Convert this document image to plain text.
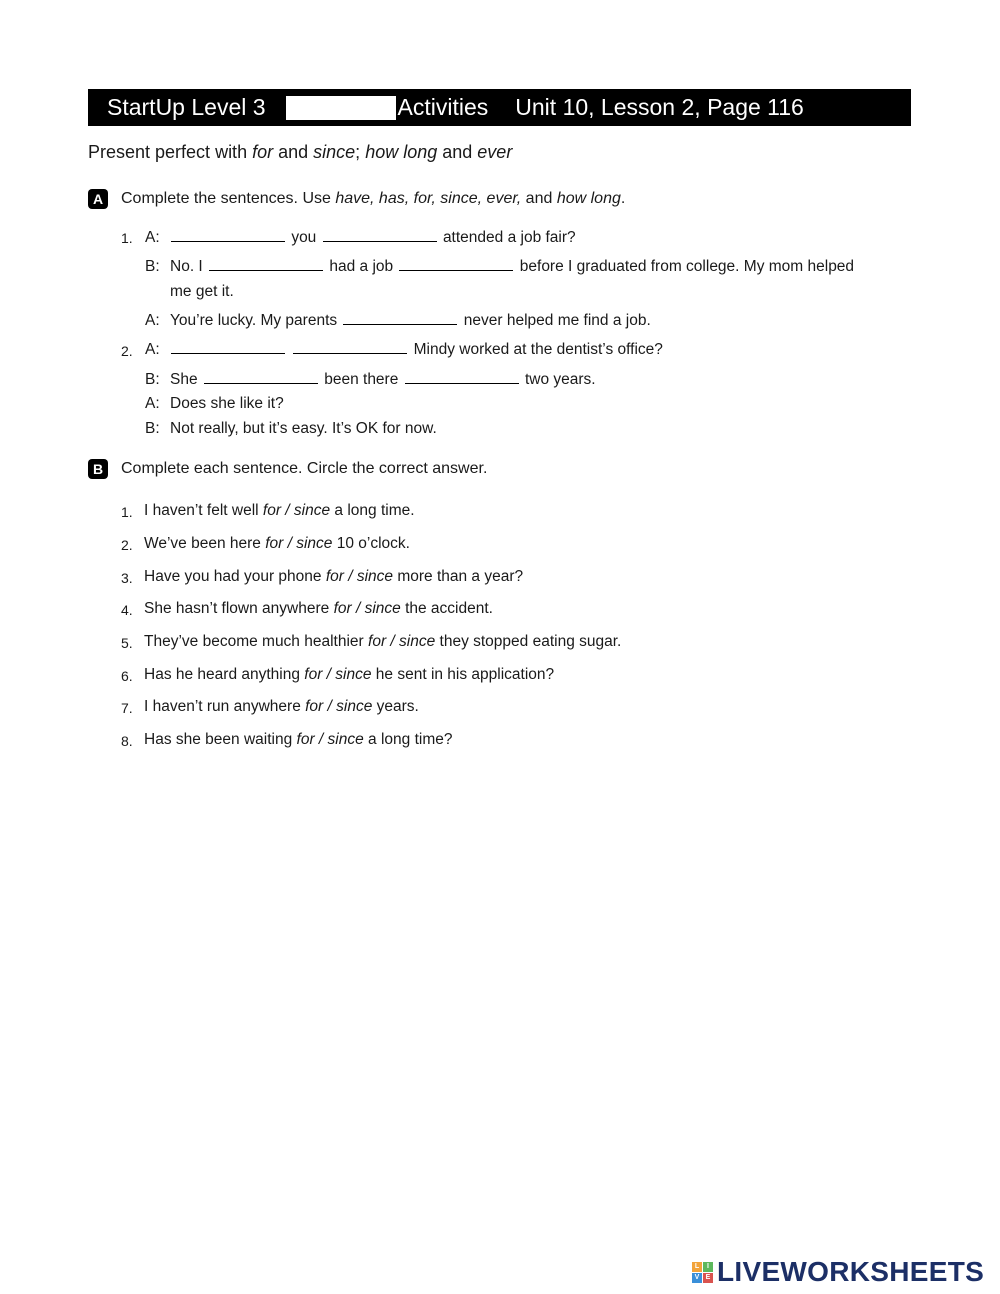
StartUp Level 3	Activities Unit 10, Lesson 2, Page 116
Present perfect with for and since; how long and ever
A	Complete the sentences. Use have, has, for, since, ever, and how long.
1. A:	you	attended a job fair?
B: No. I	had a job	before I graduated from college. My mom helped
me get it.
A: You’re lucky. My parents	never helped me find a job.
2. A:	Mindy worked at the dentist’s office?
B: She	been there	two years.
A: Does she like it?
B: Not really, but it’s easy. It’s OK for now.
B	Complete each sentence. Circle the correct answer.
1. I haven’t felt well for / since a long time.
2. We’ve been here for / since 10 o’clock.
3. Have you had your phone for / since more than a year?
4. She hasn’t flown anywhere for / since the accident.
5. They’ve become much healthier for / since they stopped eating sugar.
6. Has he heard anything for / since he sent in his application?
7. I haven’t run anywhere for / since years.
8. Has she been waiting for / since a long time?
L	I
V E LIVEWORKSHEETS
